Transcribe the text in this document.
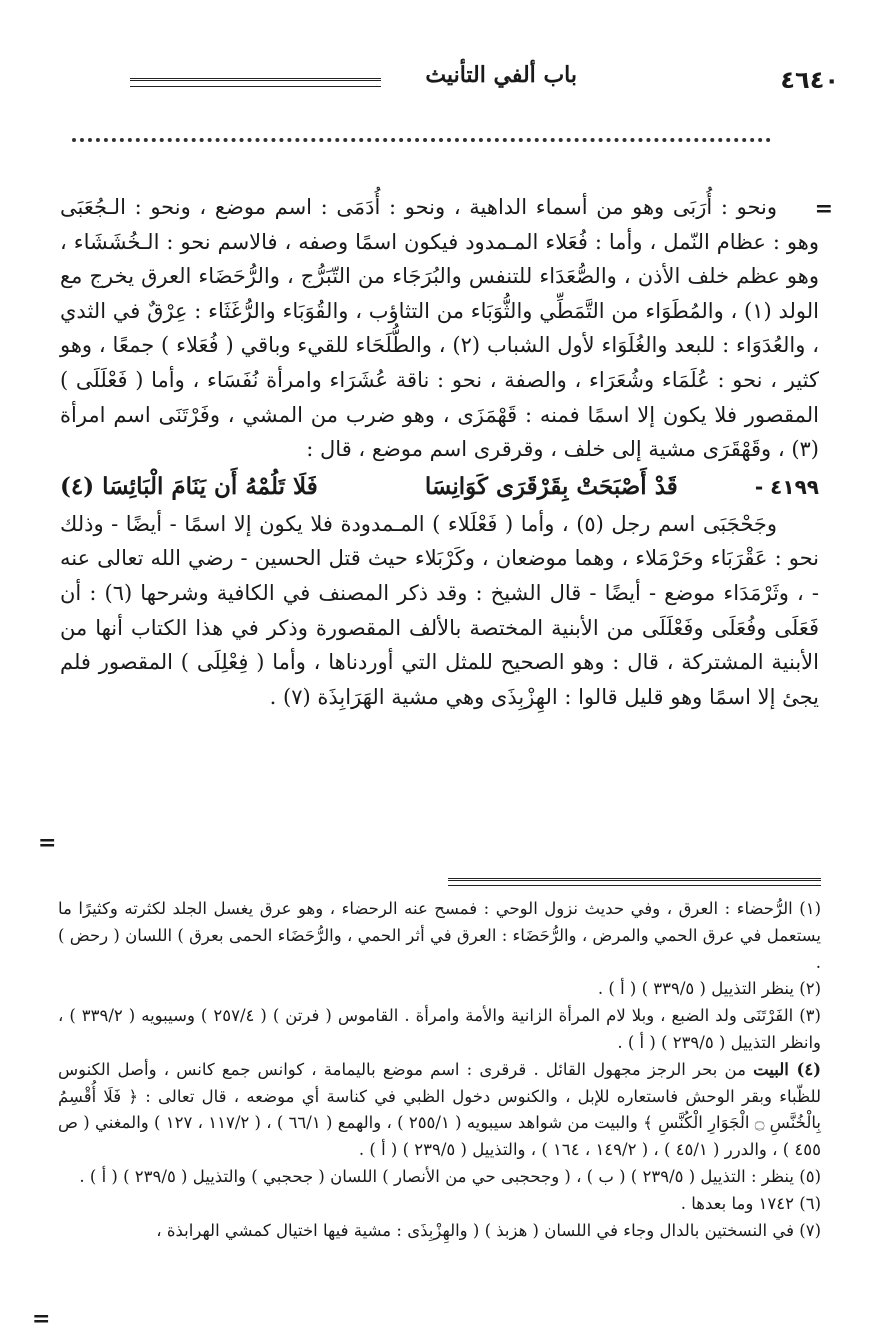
٤٦٤٠
باب ألفي التأنيث
=
=

ونحو : أُرَبَى وهو من أسماء الداهية ، ونحو : أُدَمَى : اسم موضع ، ونحو : الـجُعَبَى وهو : عظام النّمل ، وأما : فُعَلاء المـمدود فيكون اسمًا وصفه ، فالاسم نحو : الـخُشَشَاء ، وهو عظم خلف الأذن ، والصُّعَدَاء للتنفس والبُرَجَاء من التّبَرُّج ، والرُّحَضَاء العرق يخرج مع الولد (١) ، والمُطَوَاء من التَّمَطِّي والثُّوَبَاء من التثاؤب ، والقُوَبَاء والرُّغَثَاء : عِرْقٌ في الثدي ، والعُدَوَاء : للبعد والغُلَوَاء لأول الشباب (٢) ، والطُّلَحَاء للقيء وباقي ( فُعَلاء ) جمعًا ، وهو كثير ، نحو : عُلَمَاء وشُعَرَاء ، والصفة ، نحو : ناقة عُشَرَاء وامرأة نُفَسَاء ، وأما ( فَعْلَلَى ) المقصور فلا يكون إلا اسمًا فمنه : قَهْمَزَى ، وهو ضرب من المشي ، وفَرْتَنَى اسم امرأة (٣) ، وقَهْقَرَى مشية إلى خلف ، وقرقرى اسم موضع ، قال :

٤١٩٩ -
قَدْ أَصْبَحَتْ بِقَرْقَرَى كَوَانِسَا
فَلَا تَلُمْهُ أَن يَنَامَ الْبَائِسَا (٤)

وجَحْجَبَى اسم رجل (٥) ، وأما ( فَعْلَلاء ) المـمدودة فلا يكون إلا اسمًا - أيضًا - وذلك نحو : عَقْرَبَاء وحَرْمَلاء ، وهما موضعان ، وكَرْبَلاء حيث قتل الحسين - رضي الله تعالى عنه - ، وثَرْمَدَاء موضع - أيضًا - قال الشيخ : وقد ذكر المصنف في الكافية وشرحها (٦) : أن فَعَلَى وفُعَلَى وفَعْلَلَى من الأبنية المختصة بالألف المقصورة وذكر في هذا الكتاب أنها من الأبنية المشتركة ، قال : وهو الصحيح للمثل التي أوردناها ، وأما ( فِعْلِلَى ) المقصور فلم يجئ إلا اسمًا وهو قليل قالوا : الهِزْبِذَى وهي مشية الهَرَابِذَة (٧) .

(١) الرُّحضاء : العرق ، وفي حديث نزول الوحي : فمسح عنه الرحضاء ، وهو عرق يغسل الجلد لكثرته وكثيرًا ما يستعمل في عرق الحمي والمرض ، والرُّحَضَاء : العرق في أثر الحمي ، والرُّحَضَاء الحمى بعرق ) اللسان ( رحض ) .

(٢) ينظر التذييل ( ٣٣٩/٥ ) ( أ ) .

(٣) الفَرْتَنَى ولد الضبع ، وبلا لام المرأة الزانية والأمة وامرأة . القاموس ( فرتن ) ( ٢٥٧/٤ ) وسيبويه ( ٣٣٩/٢ ) ، وانظر التذييل ( ٢٣٩/٥ ) ( أ ) .

(٤) البيت من بحر الرجز مجهول القائل . قرقرى : اسم موضع باليمامة ، كوانس جمع كانس ، وأصل الكنوس للظّباء وبقر الوحش فاستعاره للإبل ، والكنوس دخول الظبي في كناسة أي موضعه ، قال تعالى : ﴿ فَلَا أُقْسِمُ بِالْخُنَّسِ ۝ الْجَوَارِ الْكُنَّسِ ﴾ والبيت من شواهد سيبويه ( ٢٥٥/١ ) ، والهمع ( ٦٦/١ ) ، ( ١١٧/٢ ، ١٢٧ ) والمغني ( ص ٤٥٥ ) ، والدرر ( ٤٥/١ ) ، ( ١٤٩/٢ ، ١٦٤ ) ، والتذييل ( ٢٣٩/٥ ) ( أ ) .

(٥) ينظر : التذييل ( ٢٣٩/٥ ) ( ب ) ، ( وجحجبى حي من الأنصار ) اللسان ( جحجبي ) والتذييل ( ٢٣٩/٥ ) ( أ ) .

(٦) ١٧٤٢ وما بعدها .

(٧) في النسختين بالدال وجاء في اللسان ( هزبذ ) ( والهِزْبِذَى : مشية فيها اختيال كمشي الهرابذة ،

=
